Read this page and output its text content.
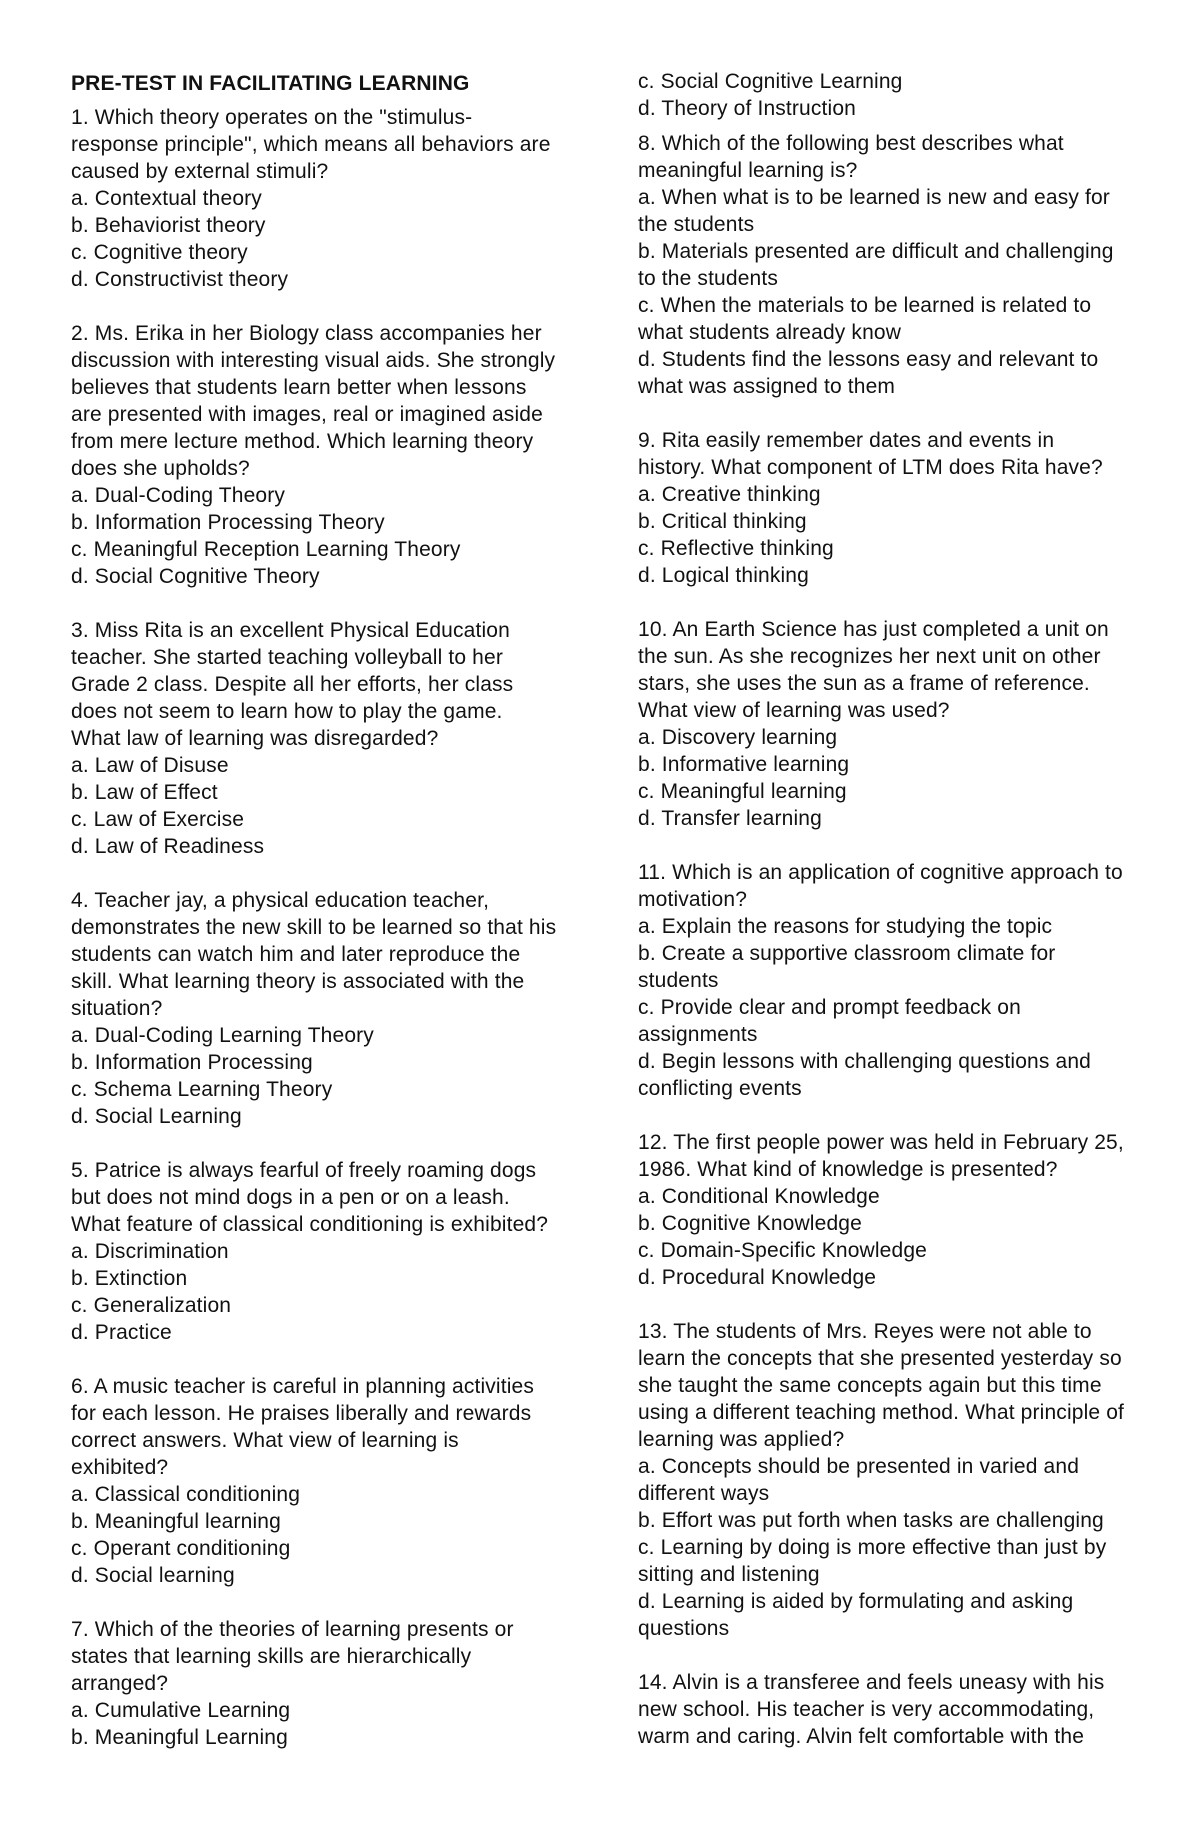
PRE-TEST IN FACILITATING LEARNING
1. Which theory operates on the "stimulus-
response principle", which means all behaviors are
caused by external stimuli?
a. Contextual theory
b. Behaviorist theory
c. Cognitive theory
d. Constructivist theory
2. Ms. Erika in her Biology class accompanies her
discussion with interesting visual aids. She strongly
believes that students learn better when lessons
are presented with images, real or imagined aside
from mere lecture method. Which learning theory
does she upholds?
a. Dual-Coding Theory
b. Information Processing Theory
c. Meaningful Reception Learning Theory
d. Social Cognitive Theory
3. Miss Rita is an excellent Physical Education
teacher. She started teaching volleyball to her
Grade 2 class. Despite all her efforts, her class
does not seem to learn how to play the game.
What law of learning was disregarded?
a. Law of Disuse
b. Law of Effect
c. Law of Exercise
d. Law of Readiness
4. Teacher jay, a physical education teacher,
demonstrates the new skill to be learned so that his
students can watch him and later reproduce the
skill. What learning theory is associated with the
situation?
a. Dual-Coding Learning Theory
b. Information Processing
c. Schema Learning Theory
d. Social Learning
5. Patrice is always fearful of freely roaming dogs
but does not mind dogs in a pen or on a leash.
What feature of classical conditioning is exhibited?
a. Discrimination
b. Extinction
c. Generalization
d. Practice
6. A music teacher is careful in planning activities
for each lesson. He praises liberally and rewards
correct answers. What view of learning is
exhibited?
a. Classical conditioning
b. Meaningful learning
c. Operant conditioning
d. Social learning
7. Which of the theories of learning presents or
states that learning skills are hierarchically
arranged?
a. Cumulative Learning
b. Meaningful Learning
c. Social Cognitive Learning
d. Theory of Instruction
8. Which of the following best describes what
meaningful learning is?
a. When what is to be learned is new and easy for
the students
b. Materials presented are difficult and challenging
to the students
c. When the materials to be learned is related to
what students already know
d. Students find the lessons easy and relevant to
what was assigned to them
9. Rita easily remember dates and events in
history. What component of LTM does Rita have?
a. Creative thinking
b. Critical thinking
c. Reflective thinking
d. Logical thinking
10. An Earth Science has just completed a unit on
the sun. As she recognizes her next unit on other
stars, she uses the sun as a frame of reference.
What view of learning was used?
a. Discovery learning
b. Informative learning
c. Meaningful learning
d. Transfer learning
11. Which is an application of cognitive approach to
motivation?
a. Explain the reasons for studying the topic
b. Create a supportive classroom climate for
students
c. Provide clear and prompt feedback on
assignments
d. Begin lessons with challenging questions and
conflicting events
12. The first people power was held in February 25,
1986. What kind of knowledge is presented?
a. Conditional Knowledge
b. Cognitive Knowledge
c. Domain-Specific Knowledge
d. Procedural Knowledge
13. The students of Mrs. Reyes were not able to
learn the concepts that she presented yesterday so
she taught the same concepts again but this time
using a different teaching method. What principle of
learning was applied?
a. Concepts should be presented in varied and
different ways
b. Effort was put forth when tasks are challenging
c. Learning by doing is more effective than just by
sitting and listening
d. Learning is aided by formulating and asking
questions
14. Alvin is a transferee and feels uneasy with his
new school. His teacher is very accommodating,
warm and caring. Alvin felt comfortable with the
